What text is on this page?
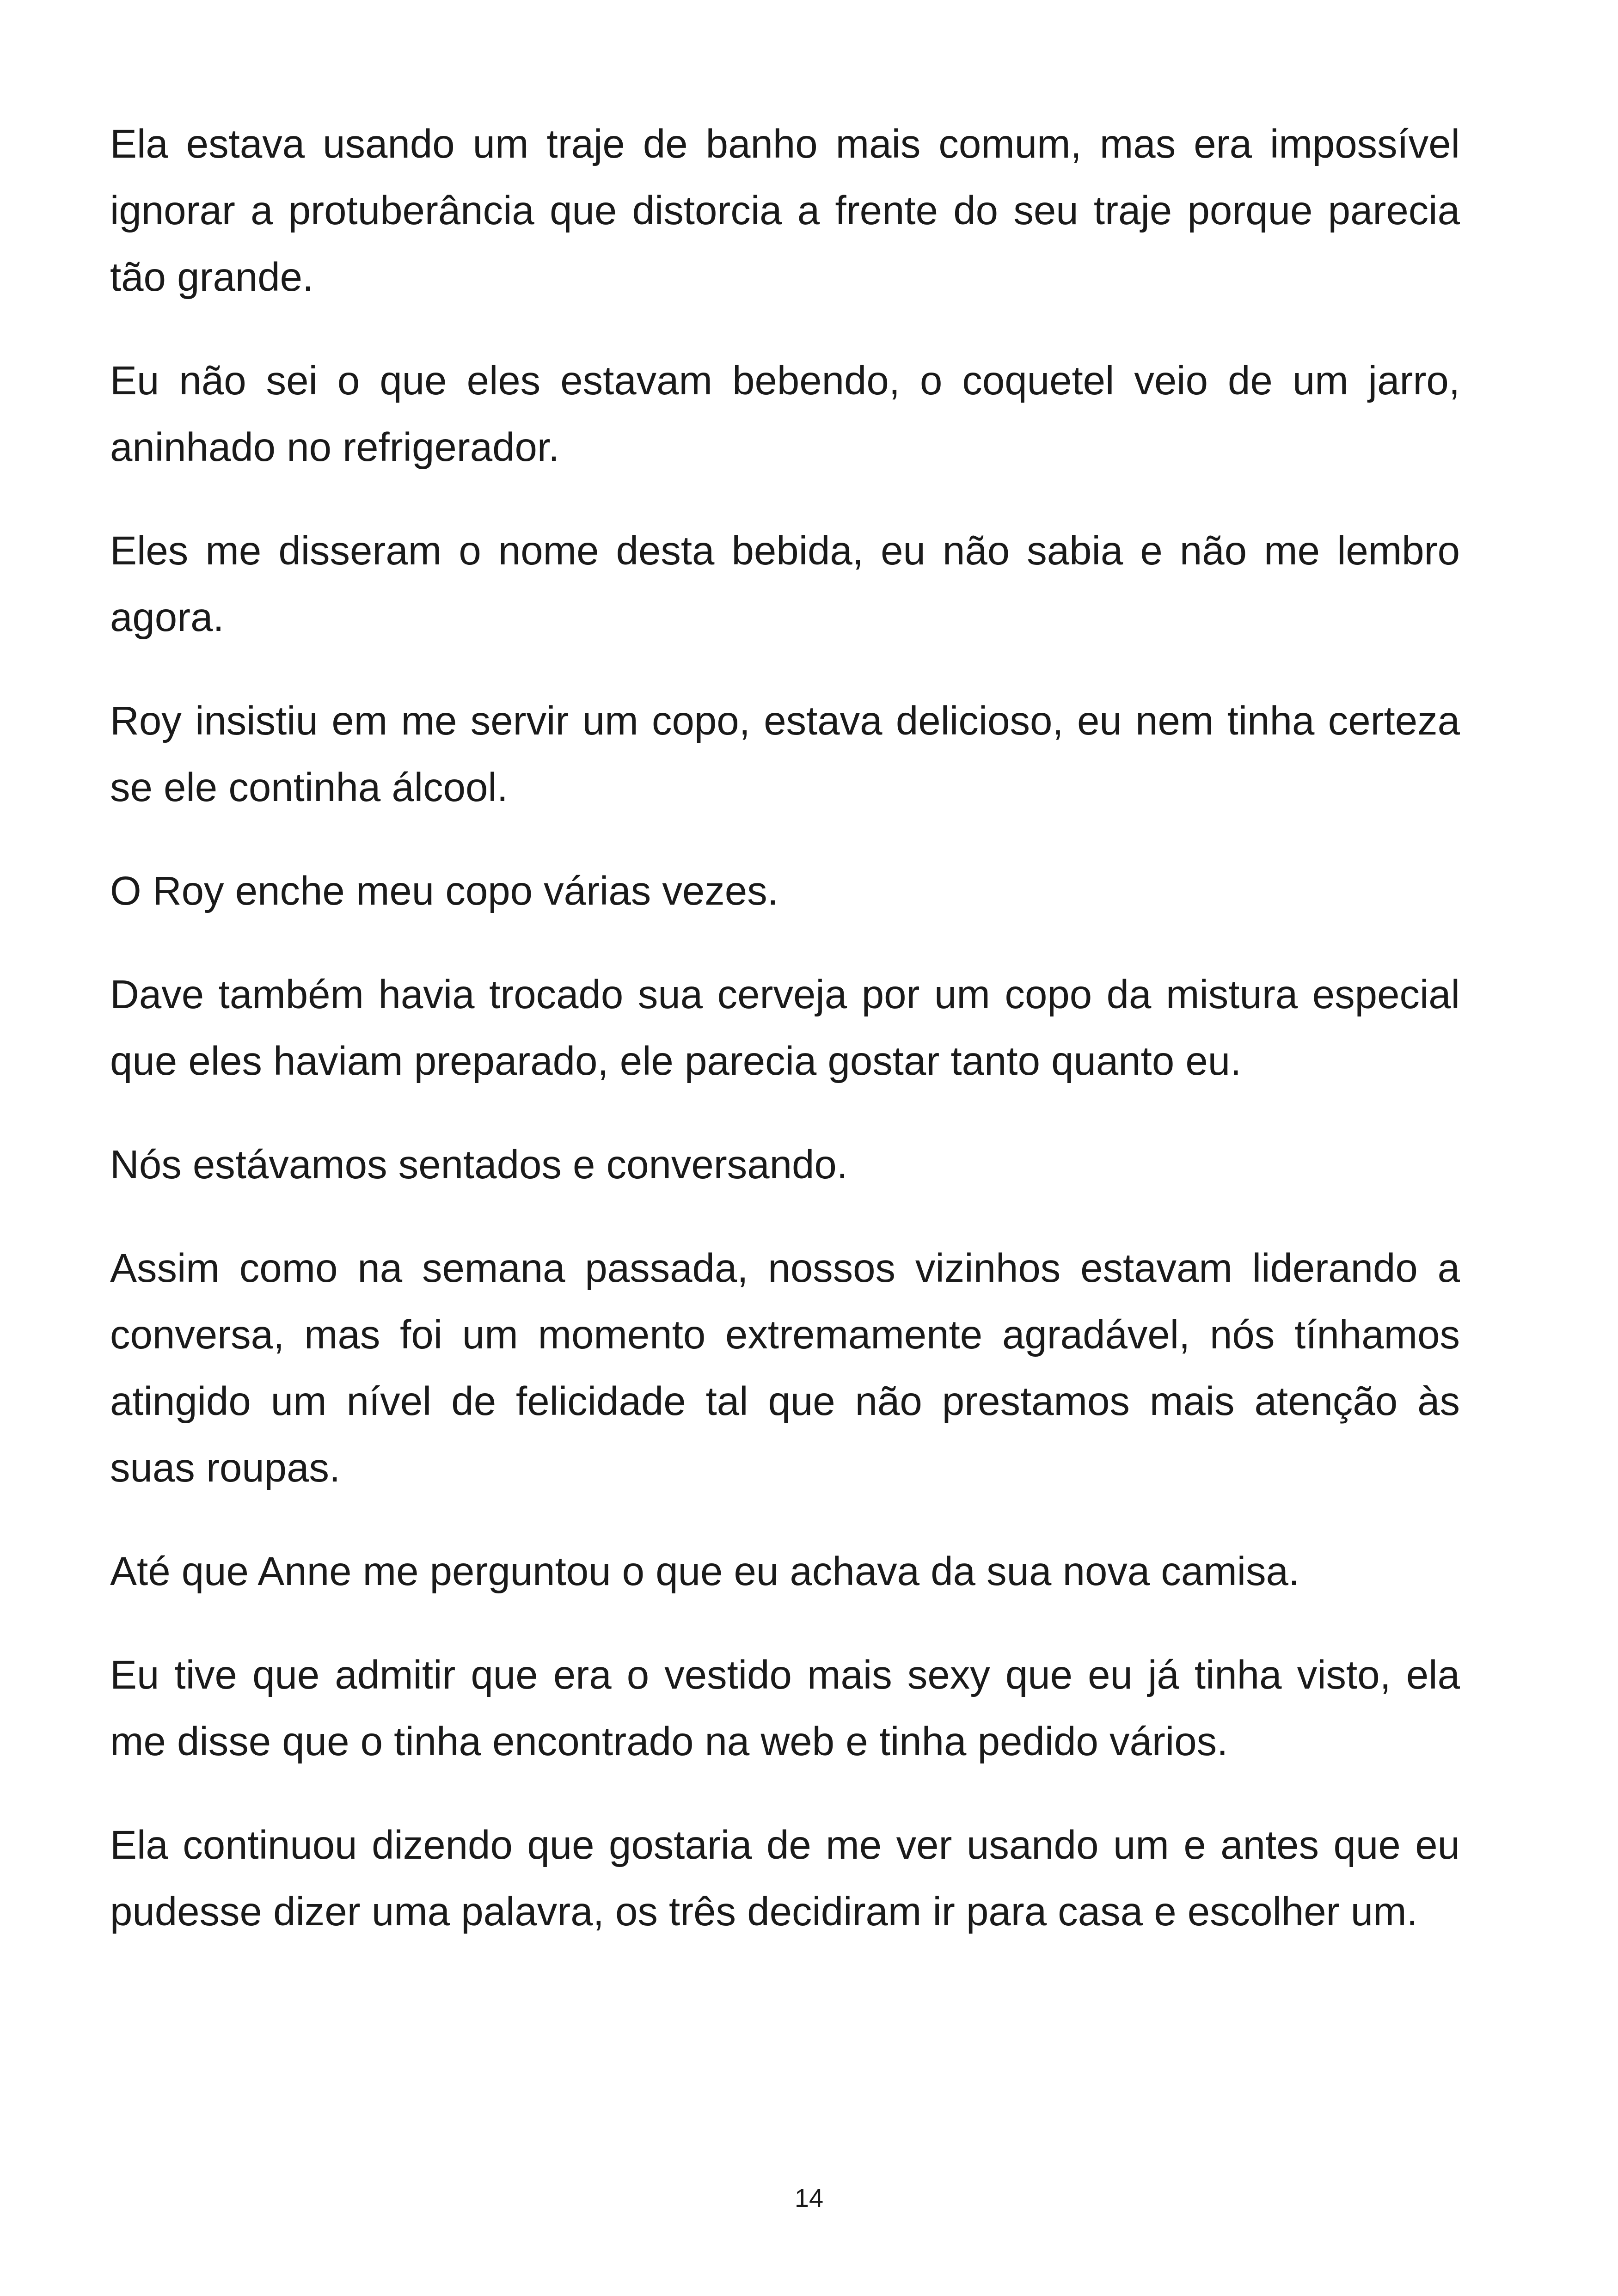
Ela estava usando um traje de banho mais comum, mas era impossível ignorar a protuberância que distorcia a frente do seu traje porque parecia tão grande.

Eu não sei o que eles estavam bebendo, o coquetel veio de um jarro, aninhado no refrigerador.

Eles me disseram o nome desta bebida, eu não sabia e não me lembro agora.

Roy insistiu em me servir um copo, estava delicioso, eu nem tinha certeza se ele continha álcool.

O Roy enche meu copo várias vezes.

Dave também havia trocado sua cerveja por um copo da mistura especial que eles haviam preparado, ele parecia gostar tanto quanto eu.

Nós estávamos sentados e conversando.

Assim como na semana passada, nossos vizinhos estavam liderando a conversa, mas foi um momento extremamente agradável, nós tínhamos atingido um nível de felicidade tal que não prestamos mais atenção às suas roupas.

Até que Anne me perguntou o que eu achava da sua nova camisa.

Eu tive que admitir que era o vestido mais sexy que eu já tinha visto, ela me disse que o tinha encontrado na web e tinha pedido vários.

Ela continuou dizendo que gostaria de me ver usando um e antes que eu pudesse dizer uma palavra, os três decidiram ir para casa e escolher um.

14
